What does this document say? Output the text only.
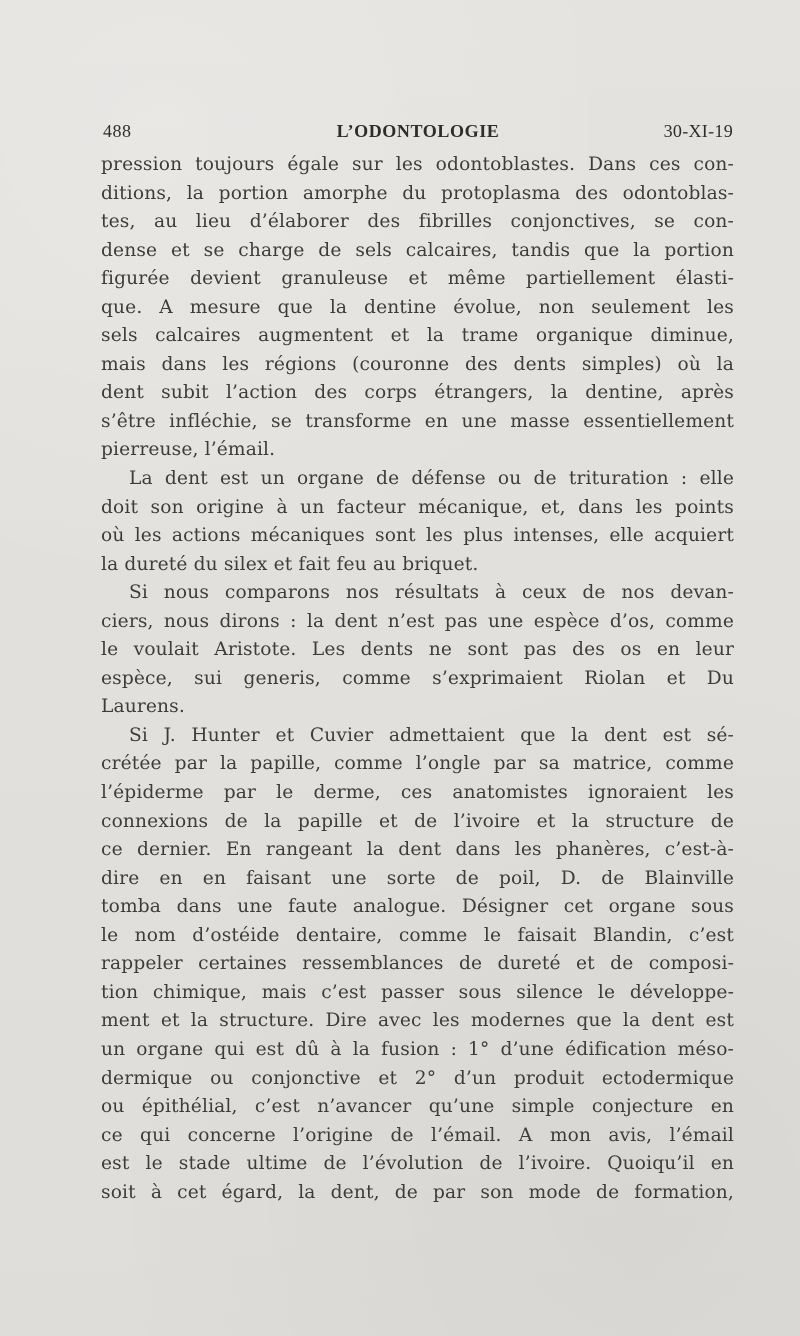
488	L’ODONTOLOGIE	30-XI-19
pression toujours égale sur les odontoblastes. Dans ces con-
ditions, la portion amorphe du protoplasma des odontoblas-
tes, au lieu d’élaborer des fibrilles conjonctives, se con-
dense et se charge de sels calcaires, tandis que la portion
figurée devient granuleuse et même partiellement élasti-
que. A mesure que la dentine évolue, non seulement les
sels calcaires augmentent et la trame organique diminue,
mais dans les régions (couronne des dents simples) où la
dent subit l’action des corps étrangers, la dentine, après
s’être infléchie, se transforme en une masse essentiellement
pierreuse, l’émail.
La dent est un organe de défense ou de trituration : elle
doit son origine à un facteur mécanique, et, dans les points
où les actions mécaniques sont les plus intenses, elle acquiert
la dureté du silex et fait feu au briquet.
Si nous comparons nos résultats à ceux de nos devan-
ciers, nous dirons : la dent n’est pas une espèce d’os, comme
le voulait Aristote. Les dents ne sont pas des os en leur
espèce, sui generis, comme s’exprimaient Riolan et Du
Laurens.
Si J. Hunter et Cuvier admettaient que la dent est sé-
crétée par la papille, comme l’ongle par sa matrice, comme
l’épiderme par le derme, ces anatomistes ignoraient les
connexions de la papille et de l’ivoire et la structure de
ce dernier. En rangeant la dent dans les phanères, c’est-à-
dire en en faisant une sorte de poil, D. de Blainville
tomba dans une faute analogue. Désigner cet organe sous
le nom d’ostéide dentaire, comme le faisait Blandin, c’est
rappeler certaines ressemblances de dureté et de composi-
tion chimique, mais c’est passer sous silence le développe-
ment et la structure. Dire avec les modernes que la dent est
un organe qui est dû à la fusion : 1° d’une édification méso-
dermique ou conjonctive et 2° d’un produit ectodermique
ou épithélial, c’est n’avancer qu’une simple conjecture en
ce qui concerne l’origine de l’émail. A mon avis, l’émail
est le stade ultime de l’évolution de l’ivoire. Quoiqu’il en
soit à cet égard, la dent, de par son mode de formation,
